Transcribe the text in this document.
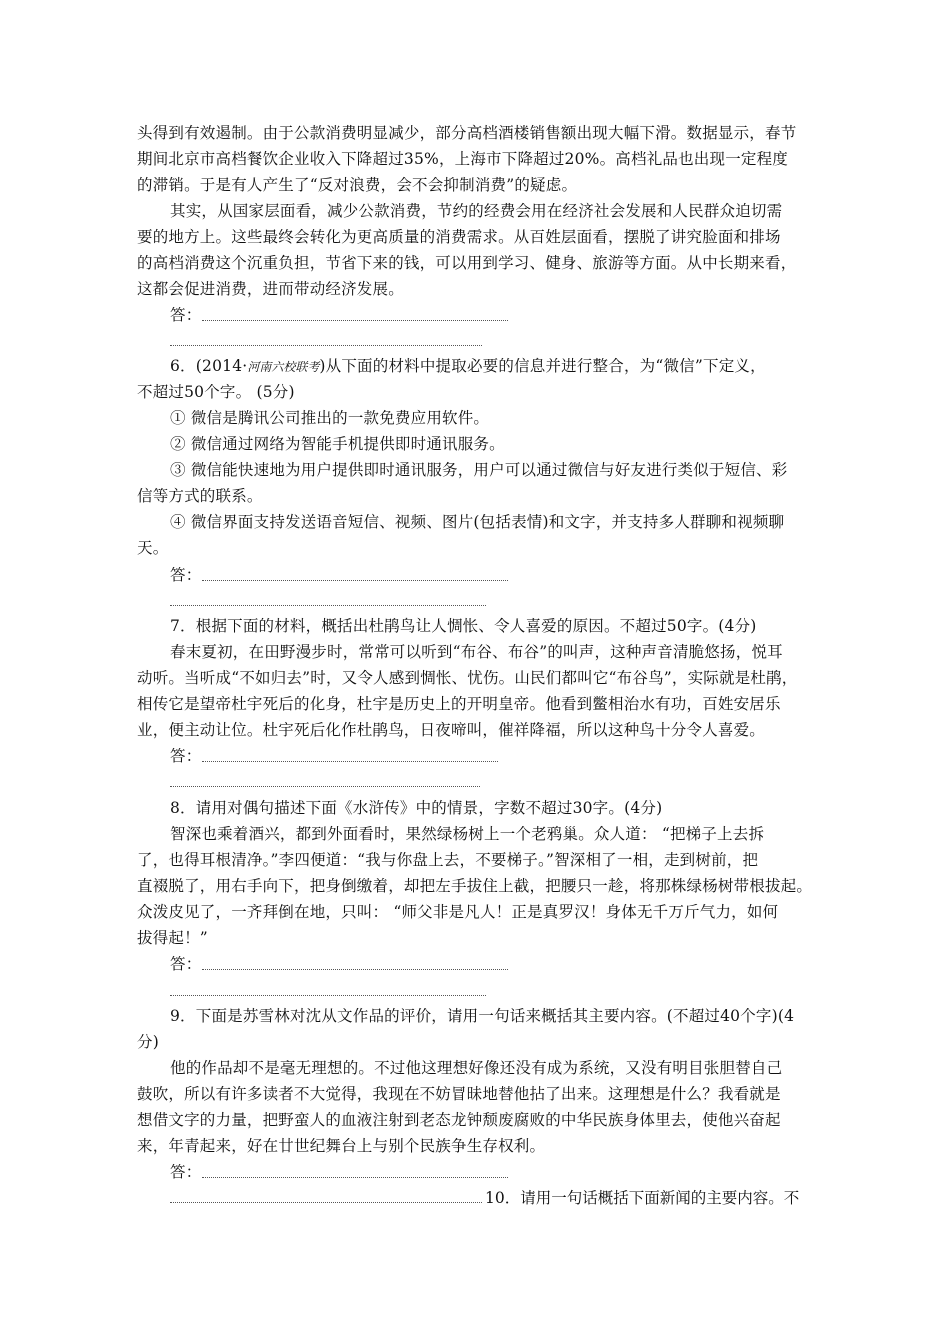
头得到有效遏制。由于公款消费明显减少，部分高档酒楼销售额出现大幅下滑。数据显示，春节
期间北京市高档餐饮企业收入下降超过35%，上海市下降超过20%。高档礼品也出现一定程度
的滞销。于是有人产生了“反对浪费，会不会抑制消费”的疑虑。
其实，从国家层面看，减少公款消费，节约的经费会用在经济社会发展和人民群众迫切需
要的地方上。这些最终会转化为更高质量的消费需求。从百姓层面看，摆脱了讲究脸面和排场
的高档消费这个沉重负担，节省下来的钱，可以用到学习、健身、旅游等方面。从中长期来看，
这都会促进消费，进而带动经济发展。
答：
6．(2014·河南六校联考)从下面的材料中提取必要的信息并进行整合，为“微信”下定义，
不超过50个字。 (5分)
① 微信是腾讯公司推出的一款免费应用软件。
② 微信通过网络为智能手机提供即时通讯服务。
③ 微信能快速地为用户提供即时通讯服务，用户可以通过微信与好友进行类似于短信、彩
信等方式的联系。
④ 微信界面支持发送语音短信、视频、图片(包括表情)和文字，并支持多人群聊和视频聊
天。
答：
7．根据下面的材料，概括出杜鹃鸟让人惆怅、令人喜爱的原因。不超过50字。(4分)
春末夏初，在田野漫步时，常常可以听到“布谷、布谷”的叫声，这种声音清脆悠扬，悦耳
动听。当听成“不如归去”时，又令人感到惆怅、忧伤。山民们都叫它“布谷鸟”，实际就是杜鹃，
相传它是望帝杜宇死后的化身，杜宇是历史上的开明皇帝。他看到鳖相治水有功，百姓安居乐
业，便主动让位。杜宇死后化作杜鹃鸟，日夜啼叫，催祥降福，所以这种鸟十分令人喜爱。
答：
8．请用对偶句描述下面《水浒传》中的情景，字数不超过30字。(4分)
智深也乘着酒兴，都到外面看时，果然绿杨树上一个老鸦巢。众人道： “把梯子上去拆
了，也得耳根清净。”李四便道：“我与你盘上去，不要梯子。”智深相了一相，走到树前，把
直裰脱了，用右手向下，把身倒缴着，却把左手拔住上截，把腰只一趁，将那株绿杨树带根拔起。
众泼皮见了，一齐拜倒在地，只叫： “师父非是凡人！正是真罗汉！身体无千万斤气力，如何
拔得起！”
答：
9．下面是苏雪林对沈从文作品的评价，请用一句话来概括其主要内容。(不超过40个字)(4
分)
他的作品却不是毫无理想的。不过他这理想好像还没有成为系统，又没有明目张胆替自己
鼓吹，所以有许多读者不大觉得，我现在不妨冒昧地替他拈了出来。这理想是什么？我看就是
想借文字的力量，把野蛮人的血液注射到老态龙钟颓废腐败的中华民族身体里去，使他兴奋起
来，年青起来，好在廿世纪舞台上与别个民族争生存权利。
答：
10．请用一句话概括下面新闻的主要内容。不
